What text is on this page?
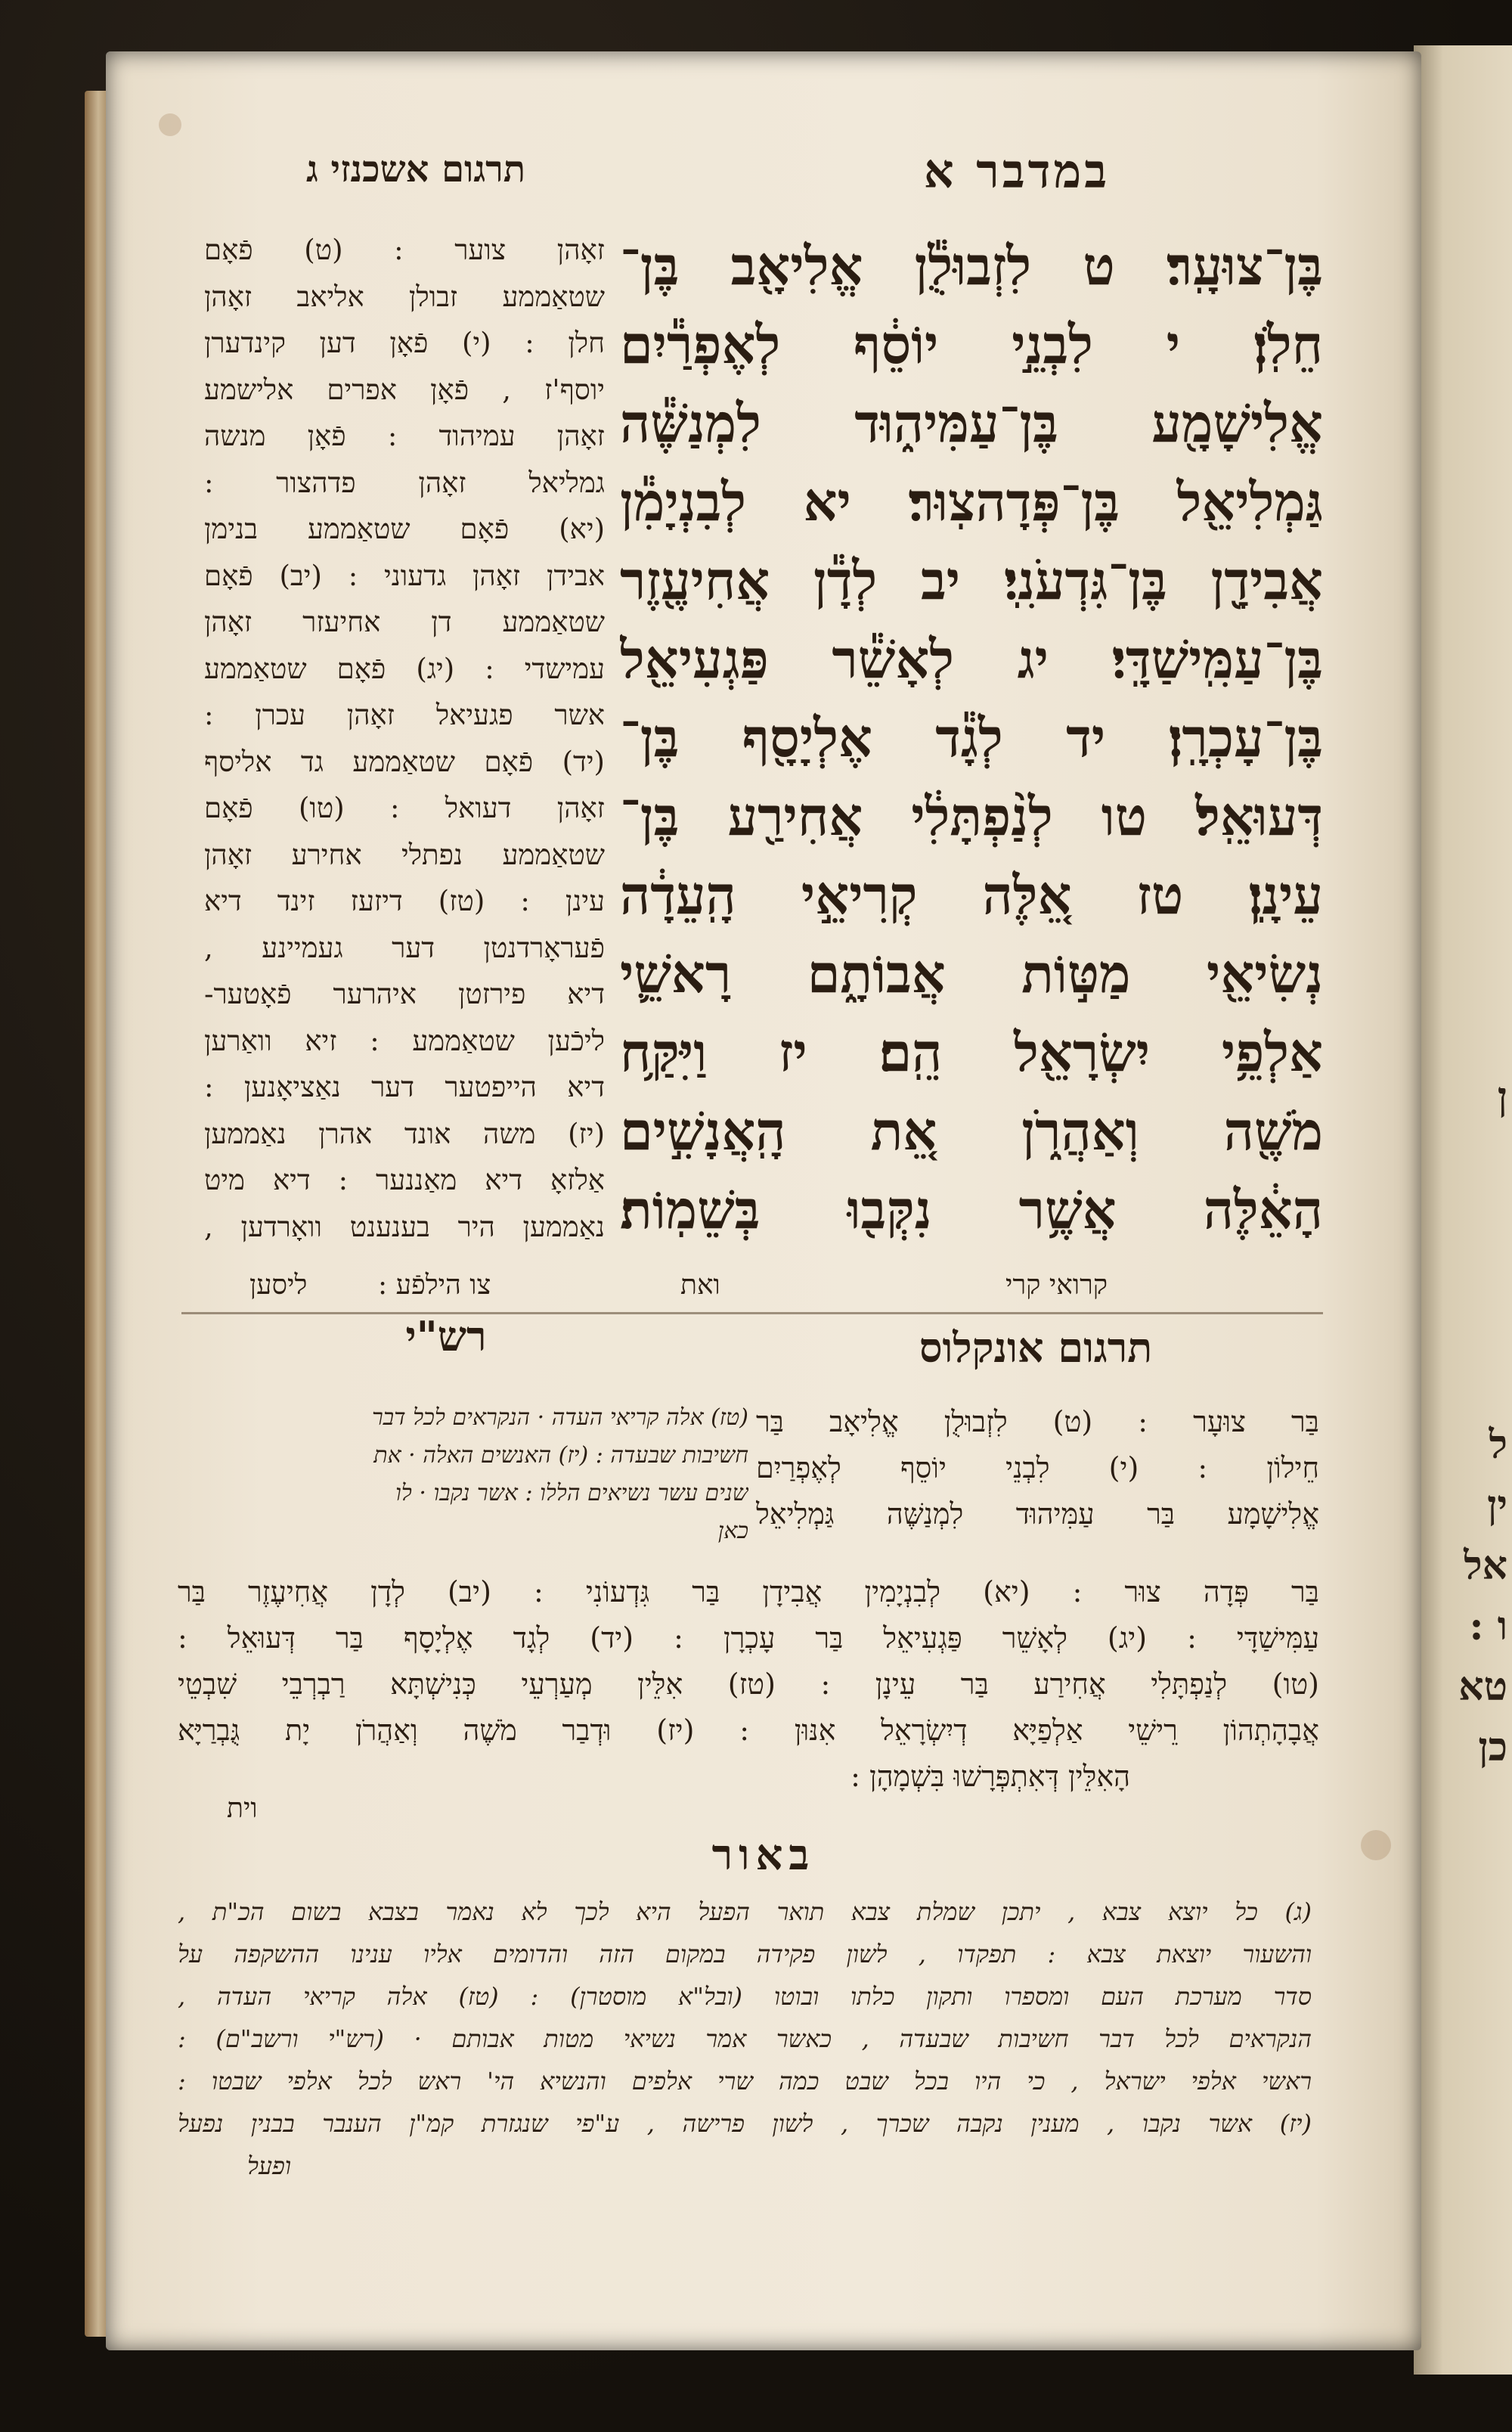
ן
ל
ין
אל
ו :
טא
כן
במדבר א
תרגום אשכנזי ג
בֶּן־צוּעָֽר׃ ט לִזְבוּלֻ֕ן אֱלִיאָ֖ב בֶּן־
חֵלֹֽן׃ י לִבְנֵ֣י יוֹסֵ֔ף לְאֶפְרַ֕יִם
אֱלִישָׁמָ֖ע בֶּן־עַמִּיה֑וּד לִמְנַשֶּׁ֕ה
גַּמְלִיאֵ֖ל בֶּן־פְּדָהצֽוּר׃ יא לְבִנְיָמִ֕ן
אֲבִידָ֖ן בֶּן־גִּדְעֹנִֽי׃ יב לְדָ֕ן אֲחִיעֶ֖זֶר
בֶּן־עַמִּֽישַׁדָּֽי׃ יג לְאָשֵׁ֕ר פַּגְעִיאֵ֖ל
בֶּן־עָכְרָֽן׃ יד לְגָ֕ד אֶלְיָסָ֖ף בֶּן־
דְּעוּאֵֽל׃ טו לְנַ֨פְתָּלִ֔י אֲחִירַ֖ע בֶּן־
עֵינָֽן׃ טז אֵ֚לֶּה קְרִיאֵ֣י הָֽעֵדָ֔ה
נְשִׂיאֵ֖י מַטּ֣וֹת אֲבוֹתָ֑ם רָאשֵׁ֛י
אַלְפֵ֥י יִשְׂרָאֵ֖ל הֵֽם׃ יז וַיִּקַּ֥ח
מֹשֶׁ֖ה וְאַהֲרֹ֑ן אֵ֚ת הָֽאֲנָשִׁ֣ים
הָאֵ֔לֶּה אֲשֶׁ֥ר נִקְּב֖וּ בְּשֵׁמֽוֹת׃
זאָהן צוער : (ט) פֿאָם
שטאַממע זבולן אליאב זאָהן
חלן : (י) פֿאָן דען קינדערן
יוסף'ז , פֿאָן אפרים אלישמע
זאָהן עמיהוד : פֿאָן מנשה
גמליאל זאָהן פדהצור :
(יא) פֿאָם שטאַממע בנימן
אבידן זאָהן גדעוני : (יב) פֿאָם
שטאַממע דן אחיעזר זאָהן
עמישדי : (יג) פֿאָם שטאַממע
אשר פגעיאל זאָהן עכרן :
(יד) פֿאָם שטאַממע גד אליסף
זאָהן דעואל : (טו) פֿאָם
שטאַממע נפתלי אחירע זאָהן
עינן : (טז) דיזעז זינד דיא
פֿעראָרדנטן דער געמיינע ,
דיא פירזטן איהרער פֿאָטער-
ליכֿען שטאַממע : זיא וואַרען
דיא הייפטער דער נאַציאָנען :
(יז) משה אונד אהרן נאַממען
אַלזאָ דיא מאַננער : דיא מיט
נאַממען היר בענענט וואָרדען ,
קרואי קרי
ואת
צו הילפֿע :
ליסען
רש"י	תרגום אונקלוס
(טז) אלה קריאי העדה · הנקראים לכל דבר
חשיבות שבעדה : (יז) האנשים האלה · את
שנים עשר נשיאים הללו : אשר נקבו · לו
כאן
בַּר צוּעָר : (ט) לִזְבוּלֻן אֱלִיאָב בַּר
חֵילוֹן : (י) לִבְנֵי יוֹסֵף לְאֶפְרַיִם
אֱלִישָׁמָע בַּר עַמִּיהוּד לִמְנַשֶּׁה גַּמְלִיאֵל
בַּר פְּדָה צוּר : (יא) לְבִנְיָמִין אֲבִידָן בַּר גִּדְעוֹנִי : (יב) לְדָן אֲחִיעֶזֶר בַּר
עַמִּישַׁדָּי : (יג) לְאָשֵׁר פַּגְעִיאֵל בַּר עָכְרָן : (יד) לְגָד אֶלְיָסָף בַּר דְּעוּאֵל :
(טו) לְנַפְתָּלִי אֲחִירַע בַּר עֵינָן : (טז) אִלֵּין מְעַרְעֵי כְּנִישְׁתָּא רַבְרְבֵי שִׁבְטֵי
אֲבָהָתְהוֹן רֵישֵׁי אַלְפַיָּא דְיִשְׂרָאֵל אִנּוּן : (יז) וּדְבַר מֹשֶׁה וְאַהֲרֹן יָת גֻּבְרַיָּא
הָאִלֵּין דְּאִתְפְּרָשׁוּ בִּשְׁמָהָן :
וית
באור
(ג) כל יוצא צבא , יתכן שמלת צבא תואר הפעל היא לכך לא נאמר בצבא בשום הכ"ת ,
והשעור יוצאת צבא : תפקדו , לשון פקידה במקום הזה והדומים אליו ענינו ההשקפה על
סדר מערכת העם ומספרו ותקון כלתו ובוטו (ובל"א מוסטרן) : (טז) אלה קריאי העדה ,
הנקראים לכל דבר חשיבות שבעדה , כאשר אמר נשיאי מטות אבותם · (רש"י ורשב"ם) :
ראשי אלפי ישראל , כי היו בכל שבט כמה שרי אלפים והנשיא הי' ראש לכל אלפי שבטו :
(יז) אשר נקבו , מענין נקבה שכרך , לשון פרישה , ע"פי שנגזרת קמ"ן הענבר בבנין נפעל
ופעל
